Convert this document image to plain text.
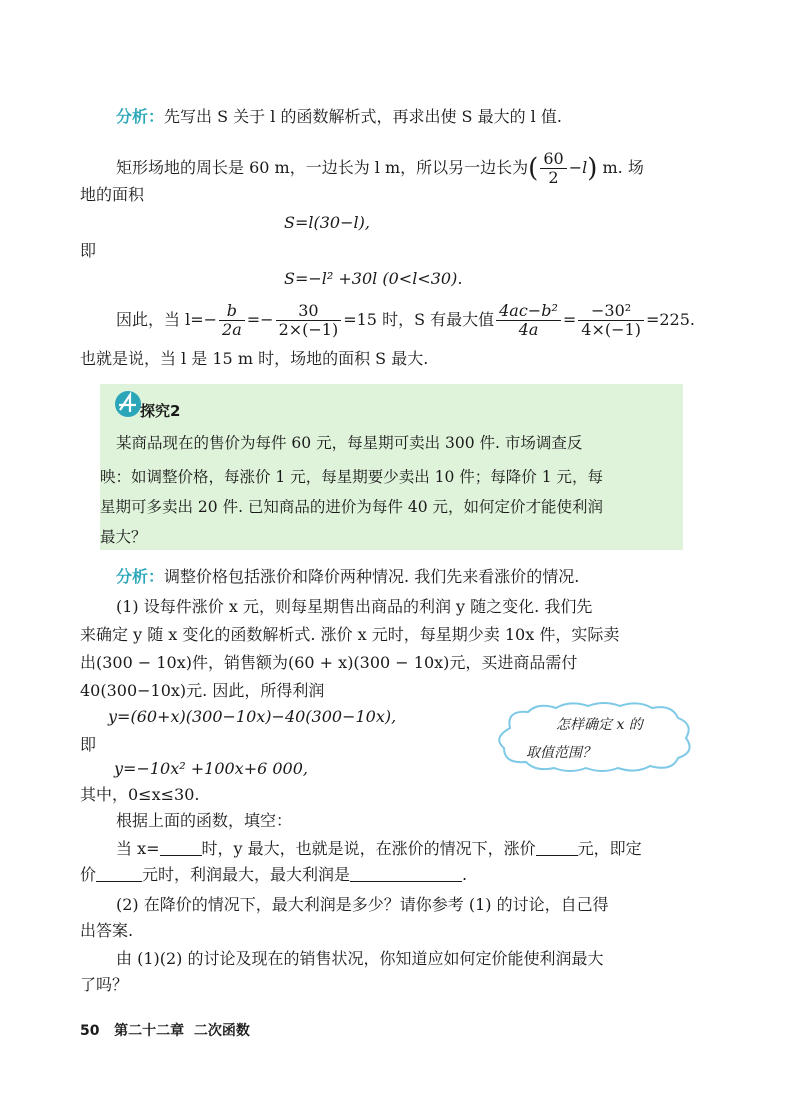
分析：先写出 S 关于 l 的函数解析式，再求出使 S 最大的 l 值.
矩形场地的周长是 60 m，一边长为 l m，所以另一边长为( $\frac{60}{2} -l$) m. 场
地的面积
S=l(30−l),
即
S=−l² +30l (0<l<30).
因此，当 $l=- \frac{b}{2a} =- \frac{30}{2\times(-1)} =15$ 时，S 有最大值 $\frac{\text{4ac−b²}}{4a} = \frac{\text{−30²}}{4\times(-1)} =225$.
也就是说，当 l 是 15 m 时，场地的面积 S 最大.
探究2
某商品现在的售价为每件 60 元，每星期可卖出 300 件. 市场调查反
映：如调整价格，每涨价 1 元，每星期要少卖出 10 件；每降价 1 元，每
星期可多卖出 20 件. 已知商品的进价为每件 40 元，如何定价才能使利润
最大？
分析：调整价格包括涨价和降价两种情况. 我们先来看涨价的情况.
(1) 设每件涨价 x 元，则每星期售出商品的利润 y 随之变化. 我们先
来确定 y 随 x 变化的函数解析式. 涨价 x 元时，每星期少卖 10x 件，实际卖
出(300 − 10x)件，销售额为(60 + x)(300 − 10x)元，买进商品需付
40(300−10x)元. 因此，所得利润
y=(60+x)(300−10x)−40(300−10x),
即
y=−10x² +100x+6 000,
其中，0≤x≤30.
怎样确定 x 的
取值范围？
根据上面的函数，填空：
当 x=	时，y 最大，也就是说，在涨价的情况下，涨价	元，即定
价	元时，利润最大，最大利润是	.
(2) 在降价的情况下，最大利润是多少？请你参考 (1) 的讨论，自己得
出答案.
由 (1)(2) 的讨论及现在的销售状况，你知道应如何定价能使利润最大
了吗？
50 第二十二章 二次函数
